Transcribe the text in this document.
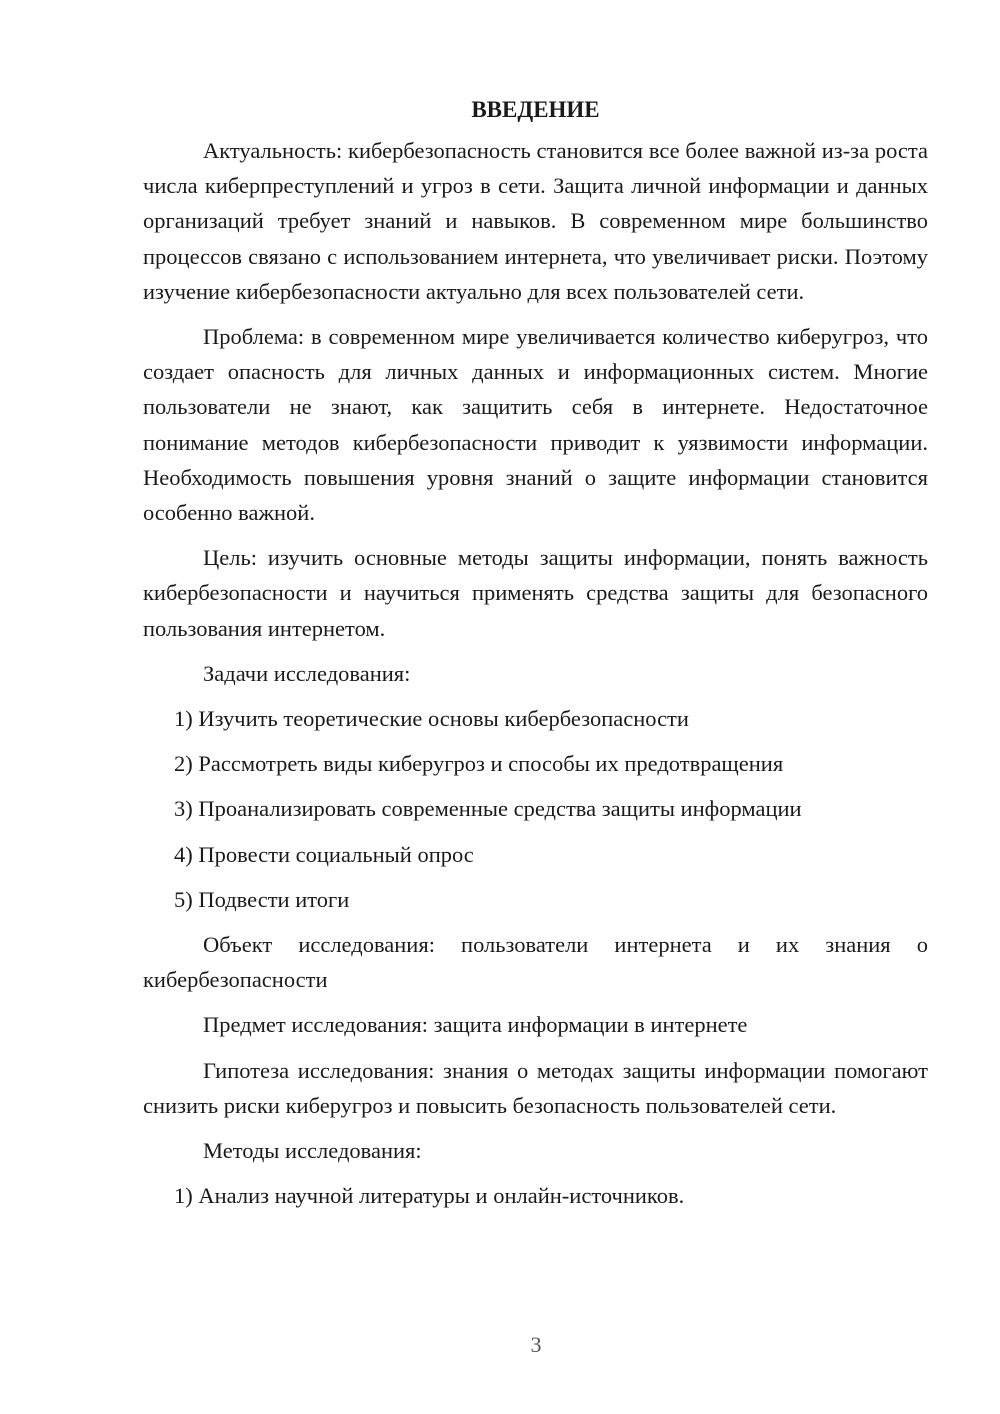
ВВЕДЕНИЕ

Актуальность: кибербезопасность становится все более важной из-за роста числа киберпреступлений и угроз в сети. Защита личной информации и данных организаций требует знаний и навыков. В современном мире большинство процессов связано с использованием интернета, что увеличивает риски. Поэтому изучение кибербезопасности актуально для всех пользователей сети.

Проблема: в современном мире увеличивается количество киберугроз, что создает опасность для личных данных и информационных систем. Многие пользователи не знают, как защитить себя в интернете. Недостаточное понимание методов кибербезопасности приводит к уязвимости информации. Необходимость повышения уровня знаний о защите информации становится особенно важной.

Цель: изучить основные методы защиты информации, понять важность кибербезопасности и научиться применять средства защиты для безопасного пользования интернетом.

Задачи исследования:

1) Изучить теоретические основы кибербезопасности

2) Рассмотреть виды киберугроз и способы их предотвращения

3) Проанализировать современные средства защиты информации

4) Провести социальный опрос

5) Подвести итоги

Объект исследования: пользователи интернета и их знания о кибербезопасности

Предмет исследования: защита информации в интернете

Гипотеза исследования: знания о методах защиты информации помогают снизить риски киберугроз и повысить безопасность пользователей сети.

Методы исследования:

1) Анализ научной литературы и онлайн-источников.

3
